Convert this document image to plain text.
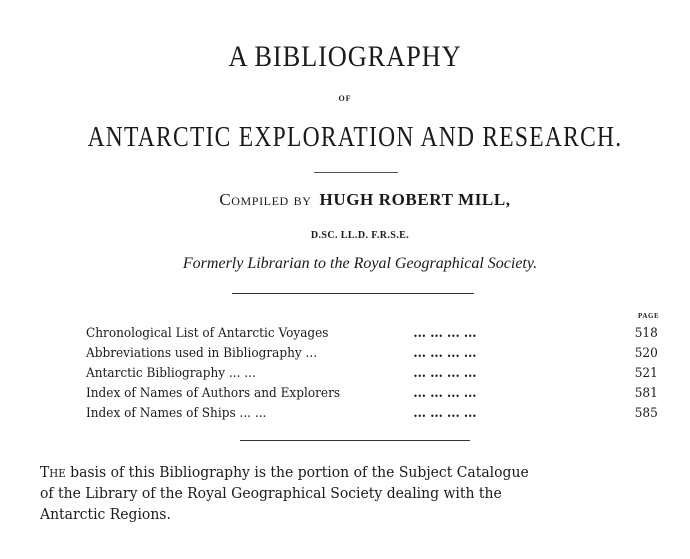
A BIBLIOGRAPHY
OF
ANTARCTIC EXPLORATION AND RESEARCH.
Compiled by HUGH ROBERT MILL,
D.SC. LL.D. F.R.S.E.
Formerly Librarian to the Royal Geographical Society.
PAGE
Chronological List of Antarctic Voyages	... ... ... ...	518
Abbreviations used in Bibliography ...	... ... ... ...	520
Antarctic Bibliography ... ...	... ... ... ...	521
Index of Names of Authors and Explorers	... ... ... ...	581
Index of Names of Ships ... ...	... ... ... ...	585
The basis of this Bibliography is the portion of the Subject Catalogue
of the Library of the Royal Geographical Society dealing with the
Antarctic Regions.
